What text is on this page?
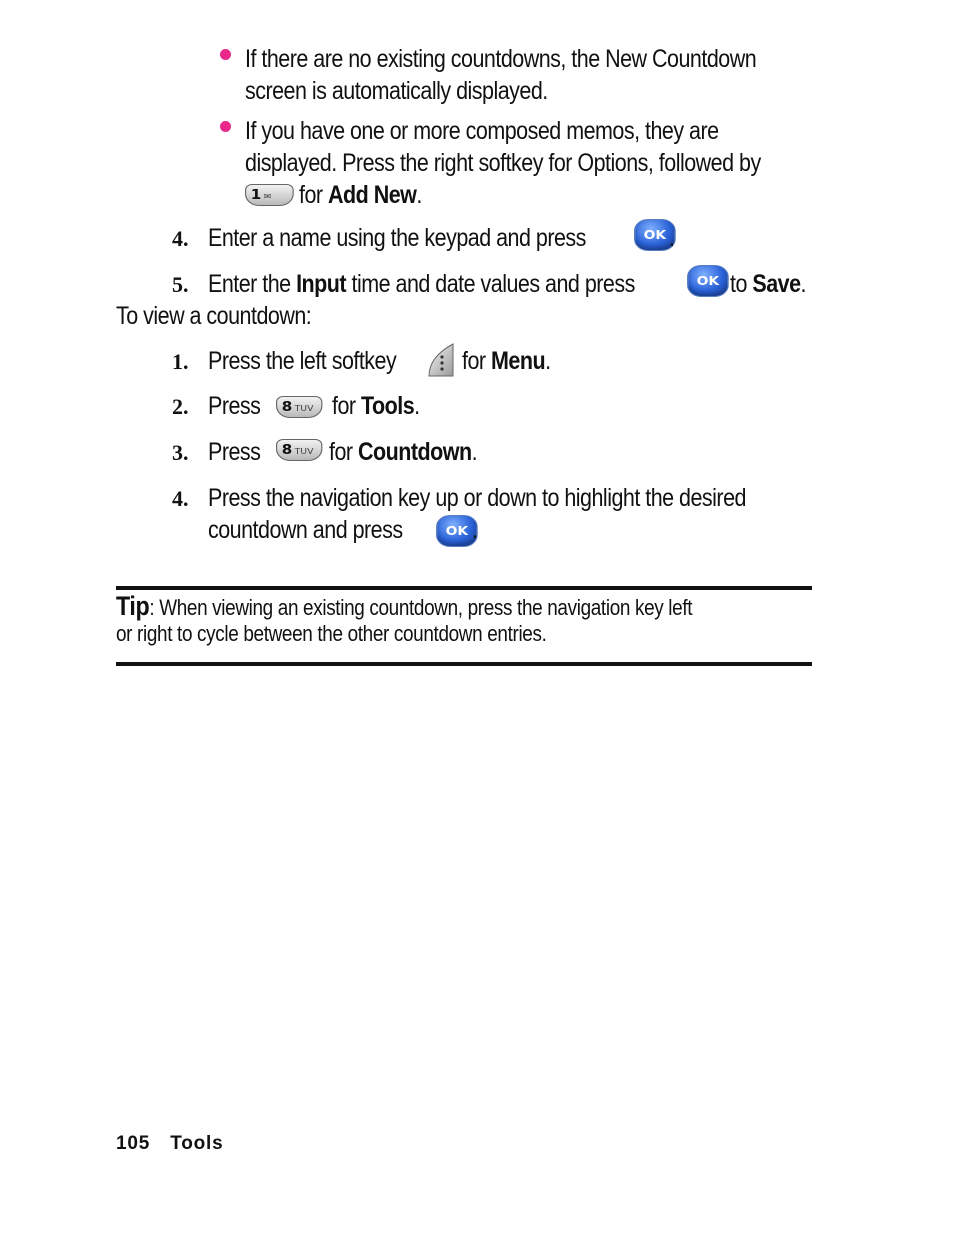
If there are no existing countdowns, the New Countdown
screen is automatically displayed.
If you have one or more composed memos, they are
displayed. Press the right softkey for Options, followed by
1 ✉	for Add New.
4. Enter a name using the keypad and press	OK .
5. Enter the Input time and date values and press	OK to Save.
To view a countdown:
1. Press the left softkey	for Menu.
2. Press	8 TUV for Tools.
3. Press	8 TUV for Countdown.
4. Press the navigation key up or down to highlight the desired
countdown and press	OK .
Tip: When viewing an existing countdown, press the navigation key left
or right to cycle between the other countdown entries.
105 Tools
